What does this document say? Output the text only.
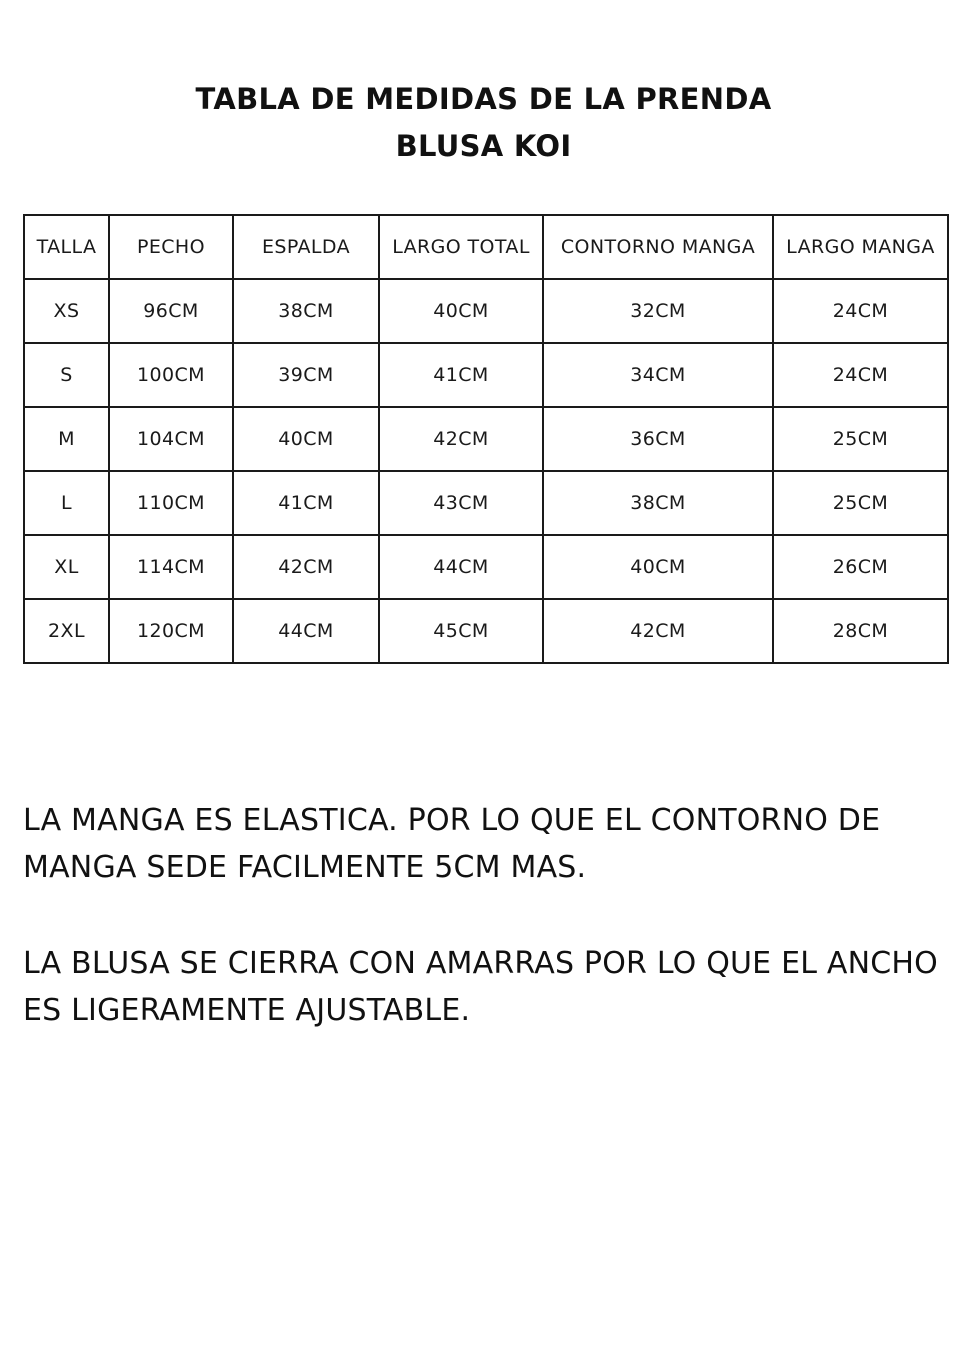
TABLA DE MEDIDAS DE LA PRENDA
BLUSA KOI
TALLA	PECHO	ESPALDA	LARGO TOTAL	CONTORNO MANGA	LARGO MANGA
XS	96CM	38CM	40CM	32CM	24CM
S	100CM	39CM	41CM	34CM	24CM
M	104CM	40CM	42CM	36CM	25CM
L	110CM	41CM	43CM	38CM	25CM
XL	114CM	42CM	44CM	40CM	26CM
2XL	120CM	44CM	45CM	42CM	28CM

LA MANGA ES ELASTICA. POR LO QUE EL CONTORNO DE MANGA SEDE FACILMENTE 5CM MAS.

LA BLUSA SE CIERRA CON AMARRAS POR LO QUE EL ANCHO ES LIGERAMENTE AJUSTABLE.
